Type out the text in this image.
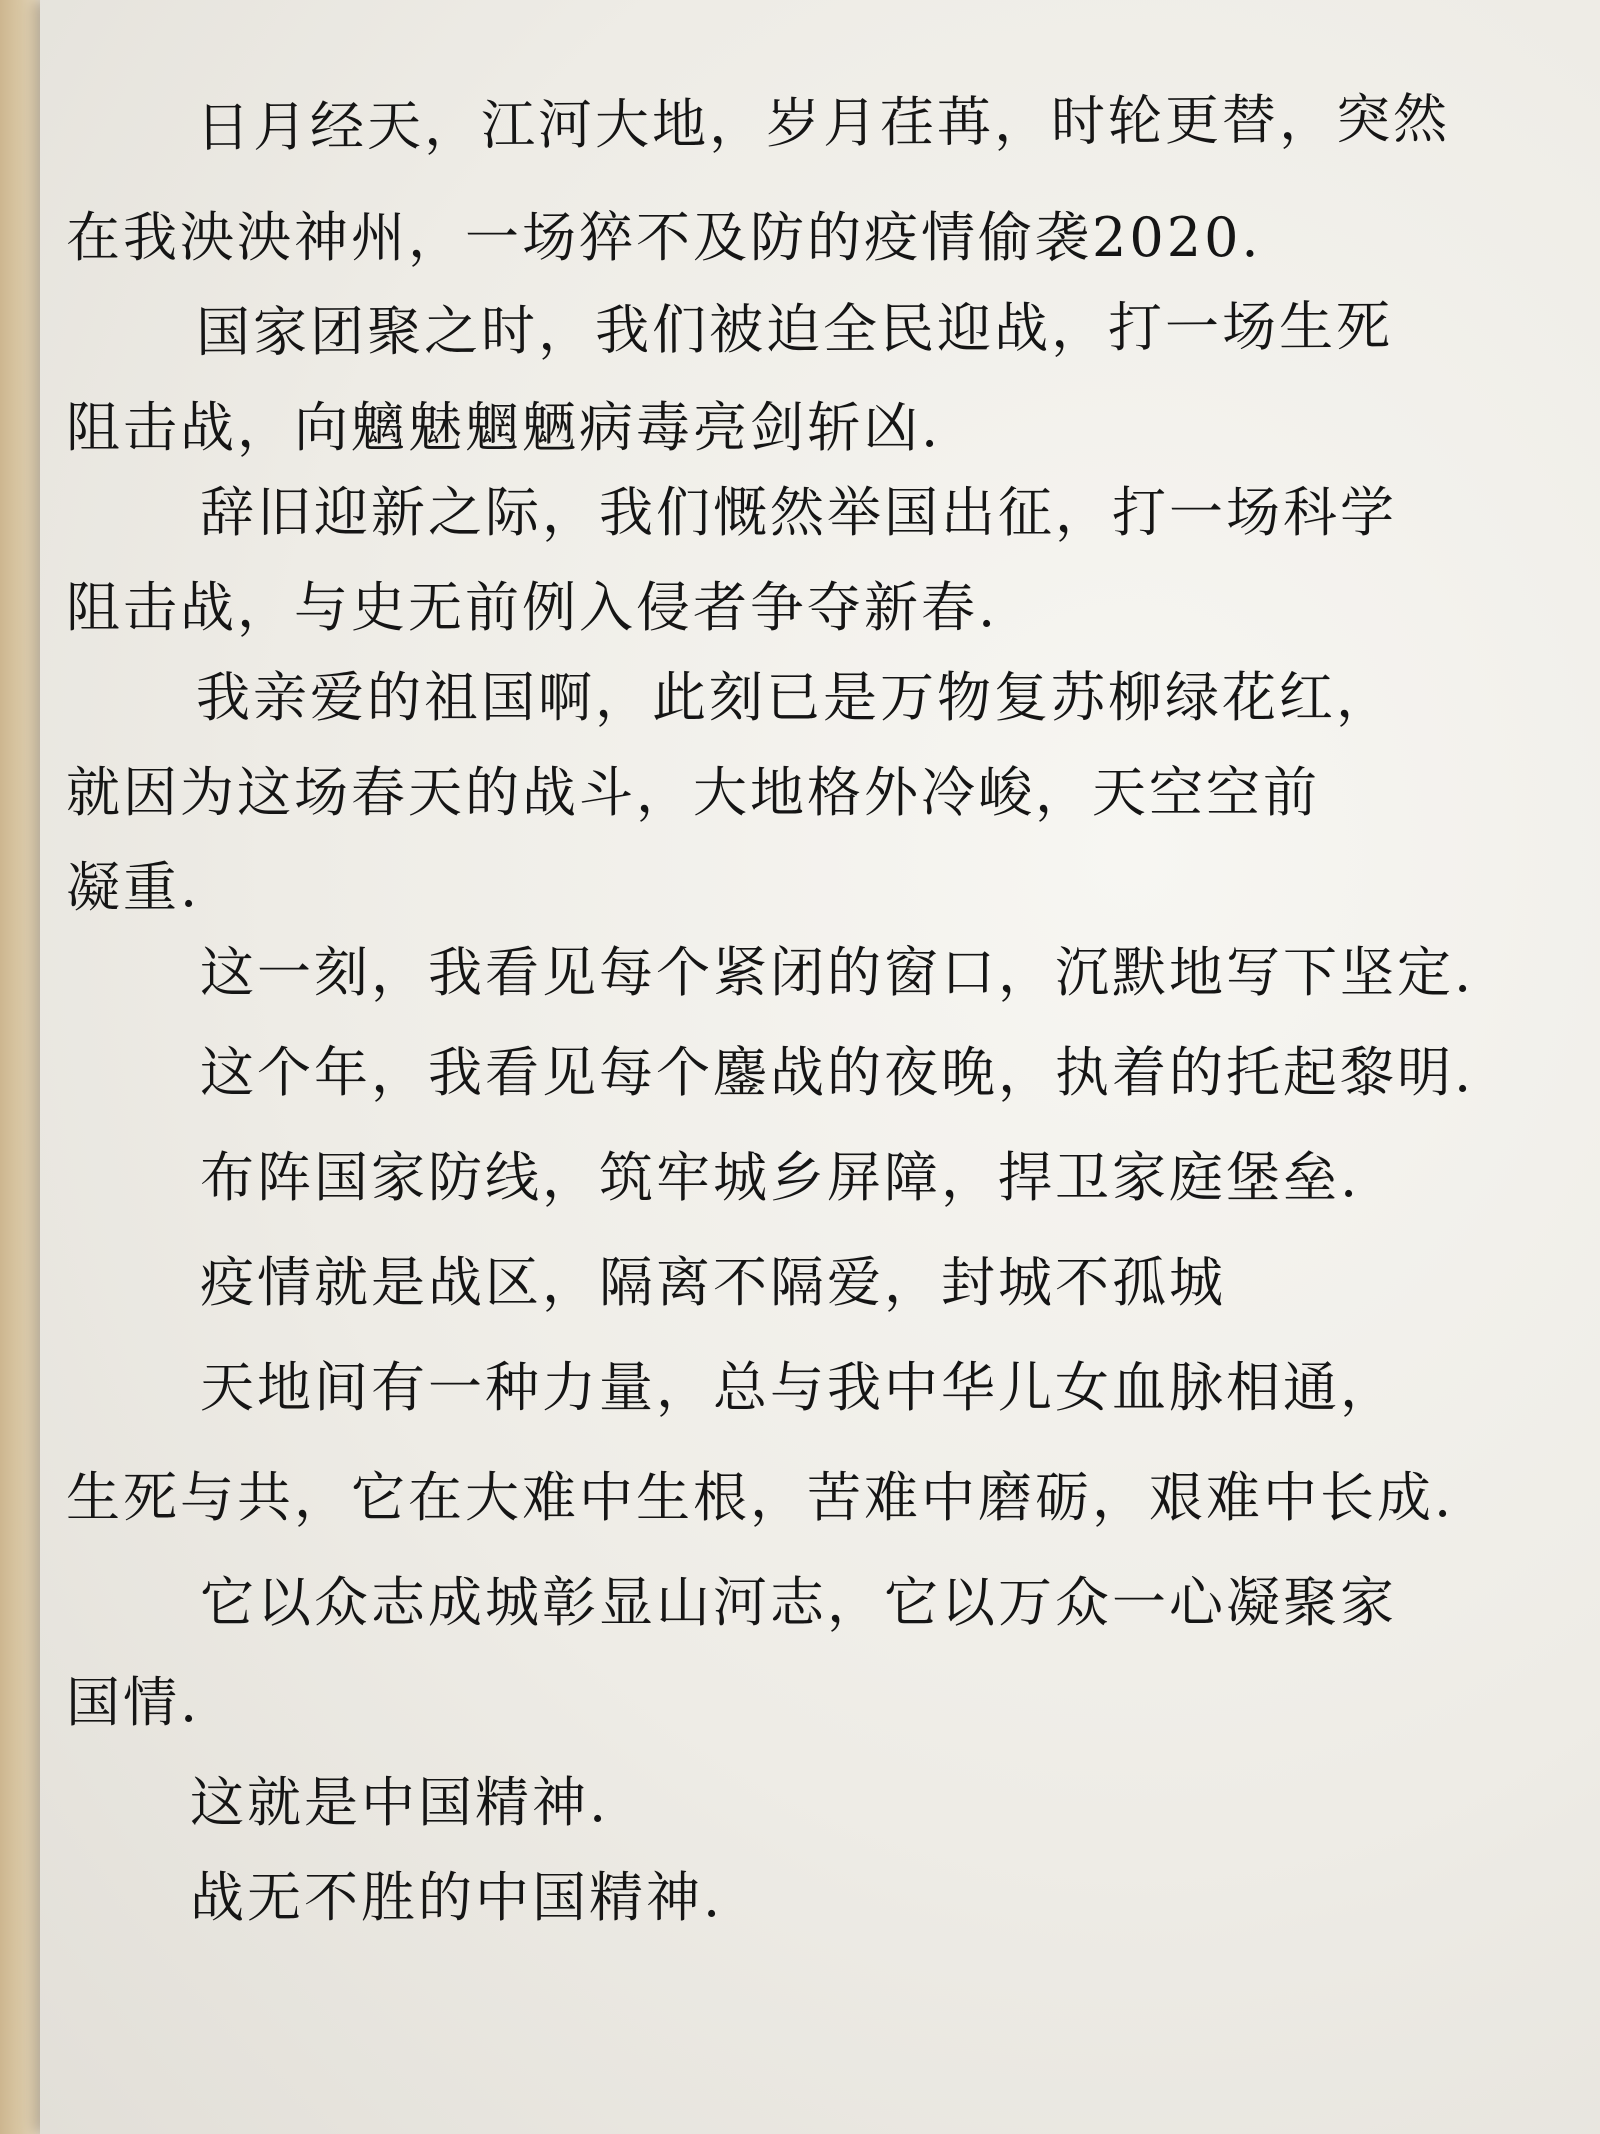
日月经天，江河大地，岁月荏苒，时轮更替，突然

在我泱泱神州，一场猝不及防的疫情偷袭2020.

国家团聚之时，我们被迫全民迎战，打一场生死

阻击战，向魑魅魍魉病毒亮剑斩凶.

辞旧迎新之际，我们慨然举国出征，打一场科学

阻击战，与史无前例入侵者争夺新春.

我亲爱的祖国啊，此刻已是万物复苏柳绿花红，

就因为这场春天的战斗，大地格外冷峻，天空空前

凝重.

这一刻，我看见每个紧闭的窗口，沉默地写下坚定.

这个年，我看见每个鏖战的夜晚，执着的托起黎明.

布阵国家防线，筑牢城乡屏障，捍卫家庭堡垒.

疫情就是战区，隔离不隔爱，封城不孤城

天地间有一种力量，总与我中华儿女血脉相通，

生死与共，它在大难中生根，苦难中磨砺，艰难中长成.

它以众志成城彰显山河志，它以万众一心凝聚家

国情.

这就是中国精神.

战无不胜的中国精神.
